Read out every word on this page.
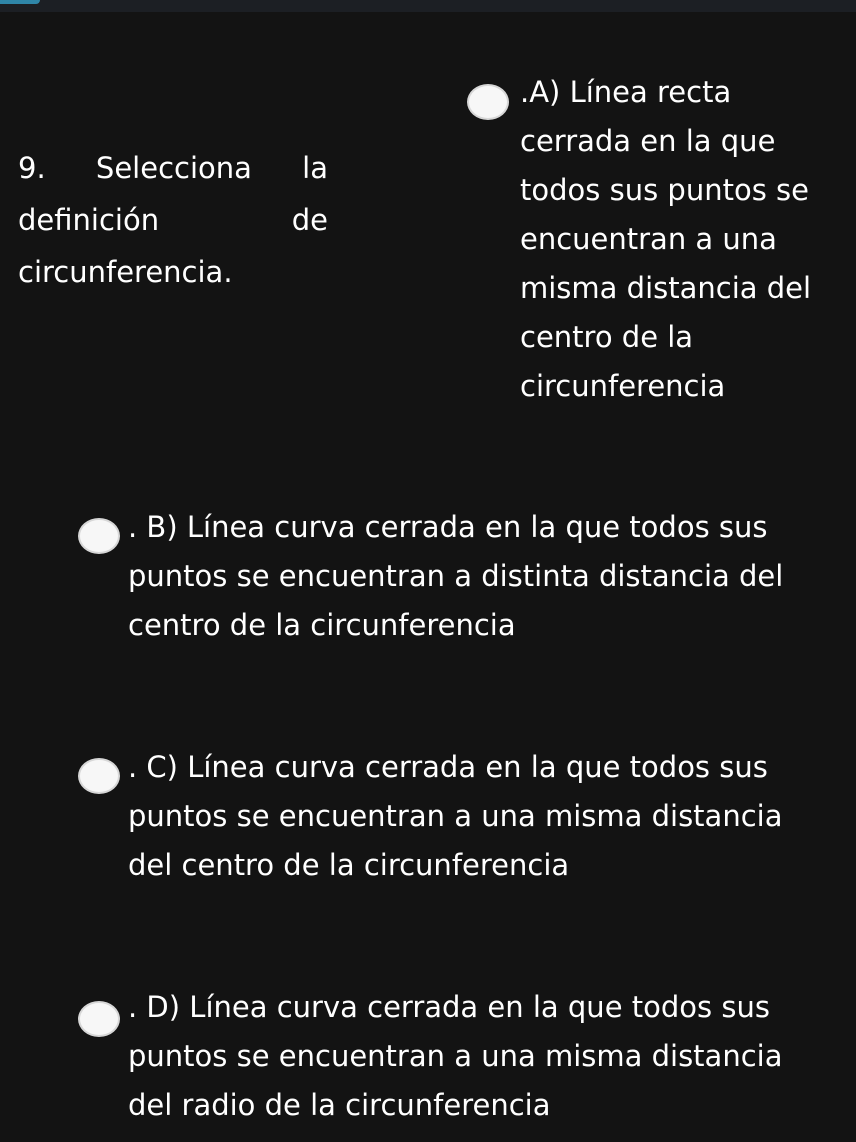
9. Selecciona la
definición	de
circunferencia.
.A) Línea recta
cerrada en la que
todos sus puntos se
encuentran a una
misma distancia del
centro de la
circunferencia
. B) Línea curva cerrada en la que todos sus
puntos se encuentran a distinta distancia del
centro de la circunferencia
. C) Línea curva cerrada en la que todos sus
puntos se encuentran a una misma distancia
del centro de la circunferencia
. D) Línea curva cerrada en la que todos sus
puntos se encuentran a una misma distancia
del radio de la circunferencia
